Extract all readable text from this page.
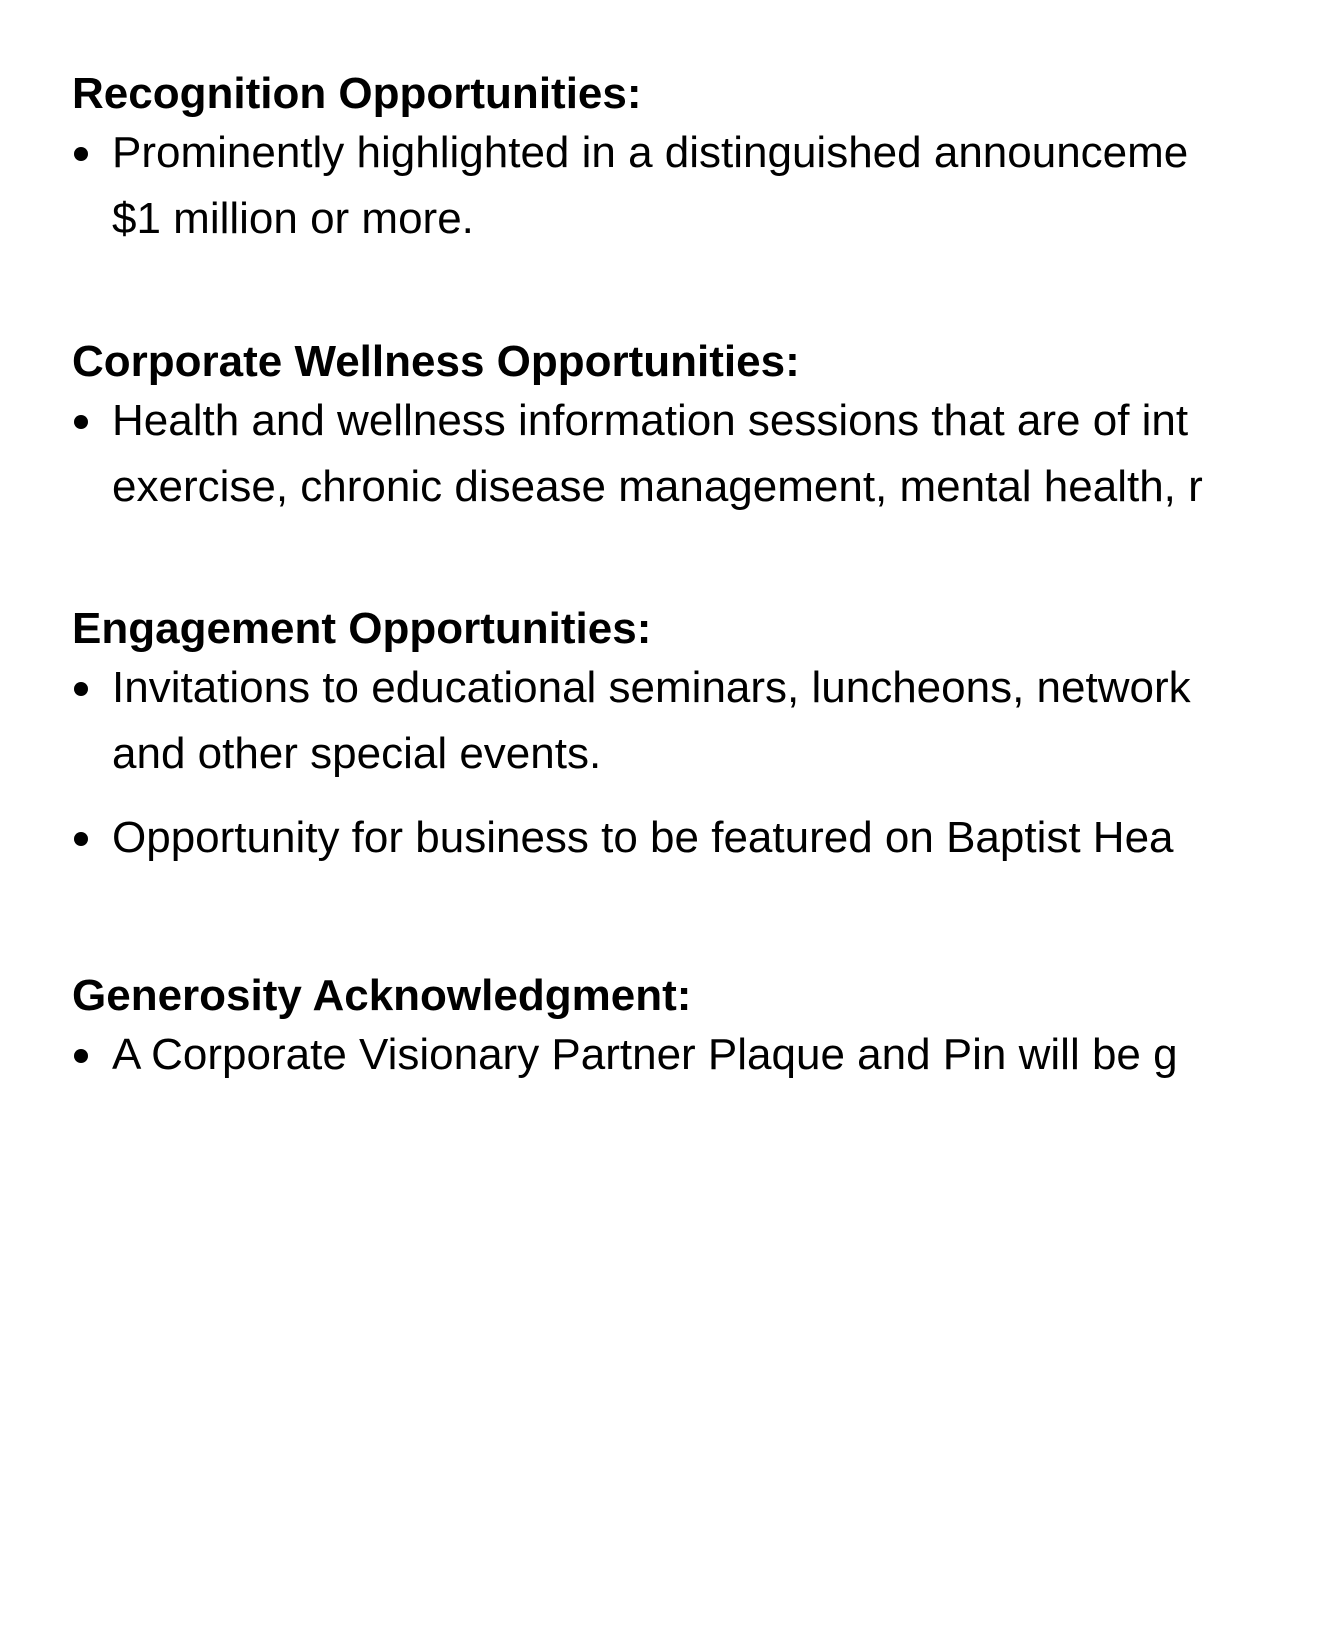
Recognition Opportunities:
Prominently highlighted in a distinguished announceme
$1 million or more.
Corporate Wellness Opportunities:
Health and wellness information sessions that are of int
exercise, chronic disease management, mental health, r
Engagement Opportunities:
Invitations to educational seminars, luncheons, network
and other special events.
Opportunity for business to be featured on Baptist Hea
Generosity Acknowledgment:
A Corporate Visionary Partner Plaque and Pin will be g
